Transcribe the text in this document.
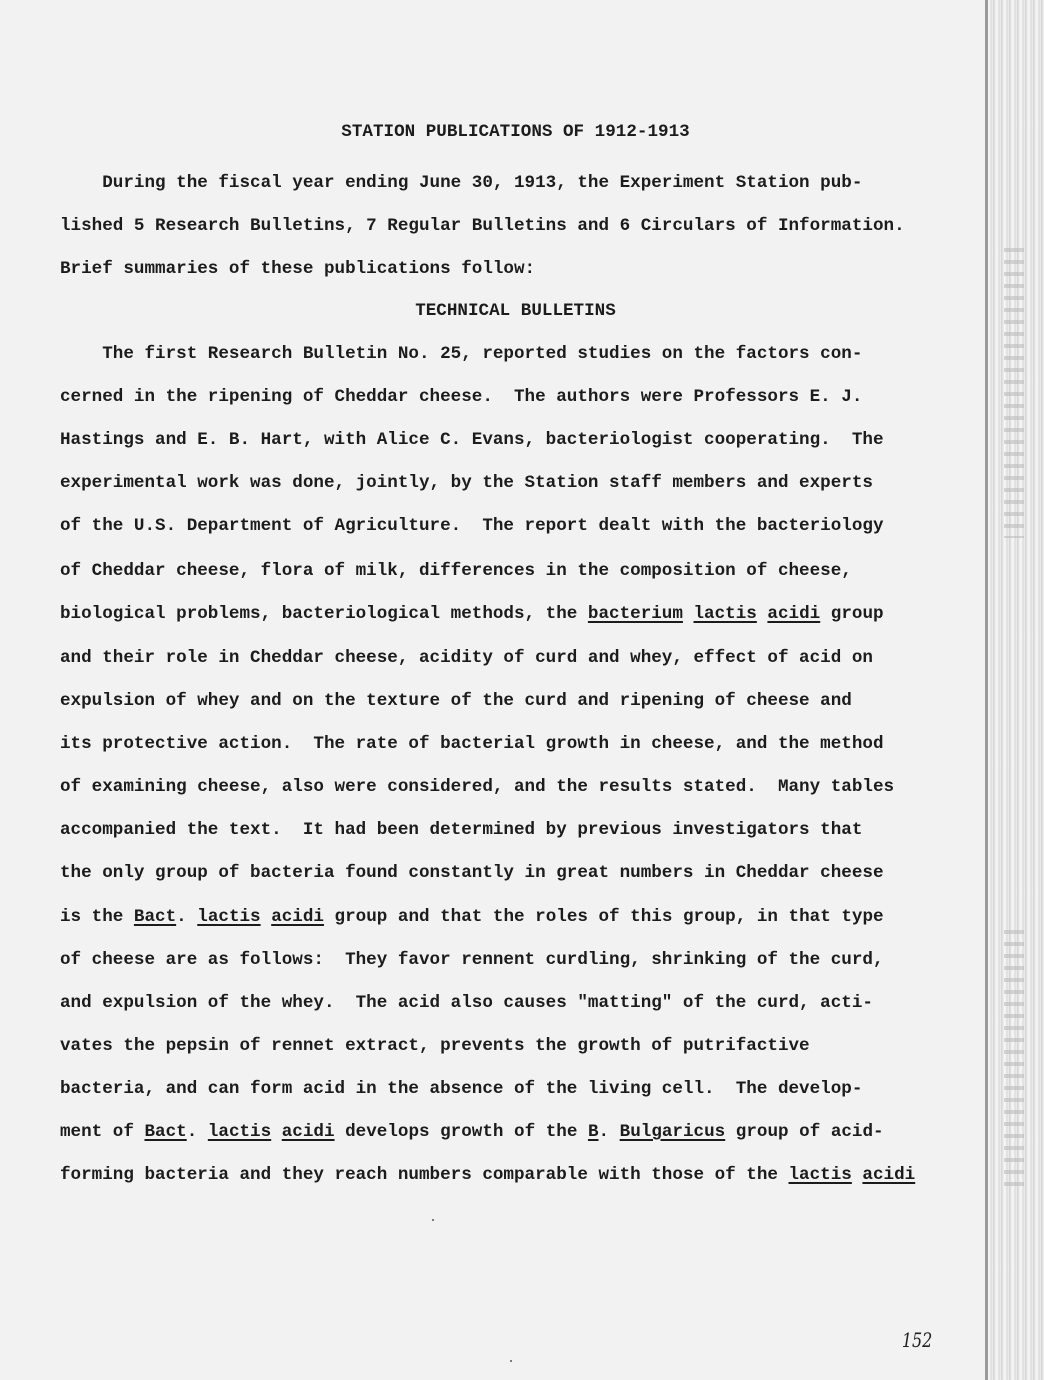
STATION PUBLICATIONS OF 1912-1913
During the fiscal year ending June 30, 1913, the Experiment Station pub-
lished 5 Research Bulletins, 7 Regular Bulletins and 6 Circulars of Information.
Brief summaries of these publications follow:
TECHNICAL BULLETINS
The first Research Bulletin No. 25, reported studies on the factors con-
cerned in the ripening of Cheddar cheese.  The authors were Professors E. J.
Hastings and E. B. Hart, with Alice C. Evans, bacteriologist cooperating.  The
experimental work was done, jointly, by the Station staff members and experts
of the U.S. Department of Agriculture.  The report dealt with the bacteriology
of Cheddar cheese, flora of milk, differences in the composition of cheese,
biological problems, bacteriological methods, the bacterium lactis acidi group
and their role in Cheddar cheese, acidity of curd and whey, effect of acid on
expulsion of whey and on the texture of the curd and ripening of cheese and
its protective action.  The rate of bacterial growth in cheese, and the method
of examining cheese, also were considered, and the results stated.  Many tables
accompanied the text.  It had been determined by previous investigators that
the only group of bacteria found constantly in great numbers in Cheddar cheese
is the Bact. lactis acidi group and that the roles of this group, in that type
of cheese are as follows:  They favor rennent curdling, shrinking of the curd,
and expulsion of the whey.  The acid also causes "matting" of the curd, acti-
vates the pepsin of rennet extract, prevents the growth of putrifactive
bacteria, and can form acid in the absence of the living cell.  The develop-
ment of Bact. lactis acidi develops growth of the B. Bulgaricus group of acid-
forming bacteria and they reach numbers comparable with those of the lactis acidi
152
